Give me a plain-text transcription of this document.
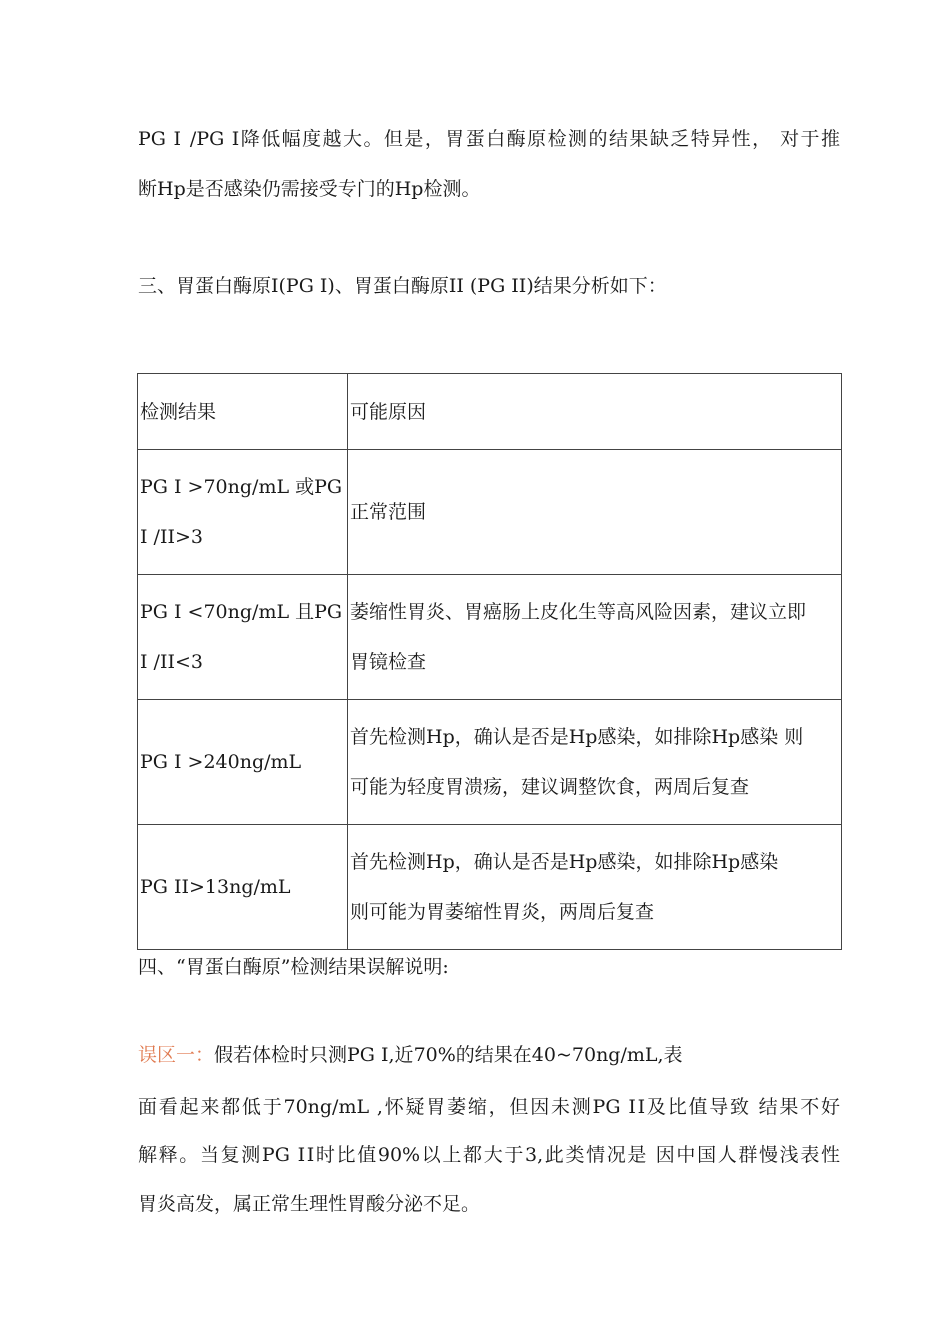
PG Ⅰ /PG Ⅰ降低幅度越大。但是，胃蛋白酶原检测的结果缺乏特异性， 对于推
断Hp是否感染仍需接受专门的Hp检测。
三、胃蛋白酶原Ⅰ(PG Ⅰ)、胃蛋白酶原ⅠⅠ (PG ⅠⅠ)结果分析如下：
检测结果	可能原因

PG Ⅰ >70ng/mL 或PG
Ⅰ /ⅠⅠ>3	正常范围

PG Ⅰ <70ng/mL 且PG
Ⅰ /ⅠⅠ<3	萎缩性胃炎、胃癌肠上皮化生等高风险因素，建议立即
胃镜检查

PG Ⅰ >240ng/mL	首先检测Hp，确认是否是Hp感染，如排除Hp感染 则
可能为轻度胃溃疡，建议调整饮食，两周后复查

PG ⅠⅠ>13ng/mL	首先检测Hp，确认是否是Hp感染，如排除Hp感染
则可能为胃萎缩性胃炎，两周后复查
四、“胃蛋白酶原”检测结果误解说明:
误区一：假若体检时只测PG Ⅰ,近70%的结果在40~70ng/mL,表
面看起来都低于70ng/mL ,怀疑胃萎缩，但因未测PG ⅠⅠ及比值导致 结果不好
解释。当复测PG ⅠⅠ时比值90%以上都大于3,此类情况是 因中国人群慢浅表性
胃炎高发，属正常生理性胃酸分泌不足。
